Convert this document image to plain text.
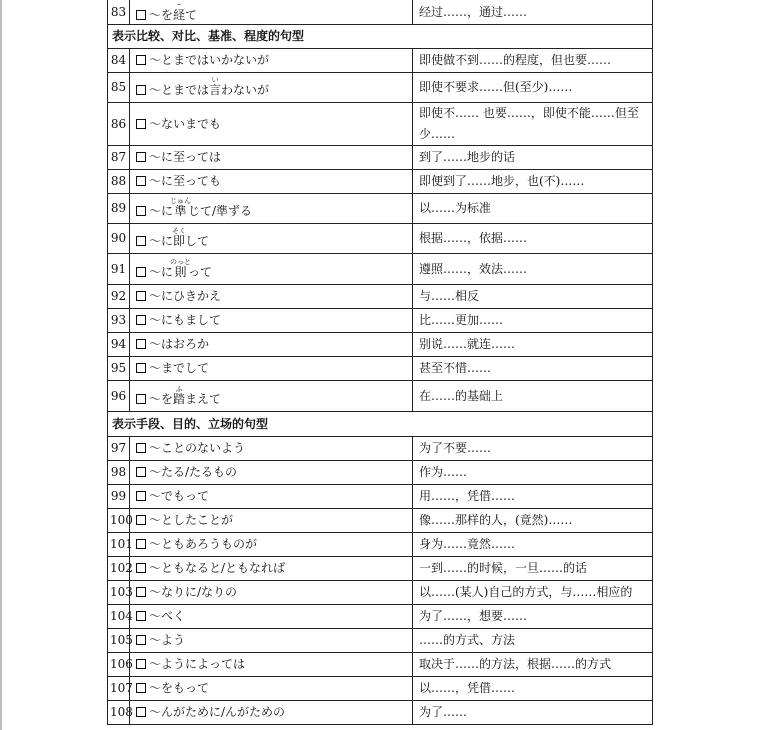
83	～を経⌢て	经过……，通过……
表示比较、对比、基准、程度的句型		
84	～とまではいかないが	即使做不到……的程度，但也要……
85	～とまでは言いわないが	即使不要求……但(至少)……
86	～ないまでも	即使不…… 也要……，即使不能……但至
少……
87	～に至っては	到了……地步的话
88	～に至っても	即便到了……地步，也(不)……
89	～に準じゅんじて/準ずる	以……为标准
90	～に即そくして	根据……，依据……
91	～に則のっとって	遵照……，效法……
92	～にひきかえ	与……相反
93	～にもまして	比……更加……
94	～はおろか	别说……就连……
95	～までして	甚至不惜……
96	～を踏ふまえて	在……的基础上
表示手段、目的、立场的句型		
97	～ことのないよう	为了不要……
98	～たる/たるもの	作为……
99	～でもって	用……，凭借……
100	～としたことが	像……那样的人，(竟然)……
101	～ともあろうものが	身为……竟然……
102	～ともなると/ともなれば	一到……的时候，一旦……的话
103	～なりに/なりの	以……(某人)自己的方式，与……相应的
104	～べく	为了……，想要……
105	～よう	……的方式、方法
106	～ようによっては	取决于……的方法，根据……的方式
107	～をもって	以……，凭借……
108	～んがために/んがための	为了……
